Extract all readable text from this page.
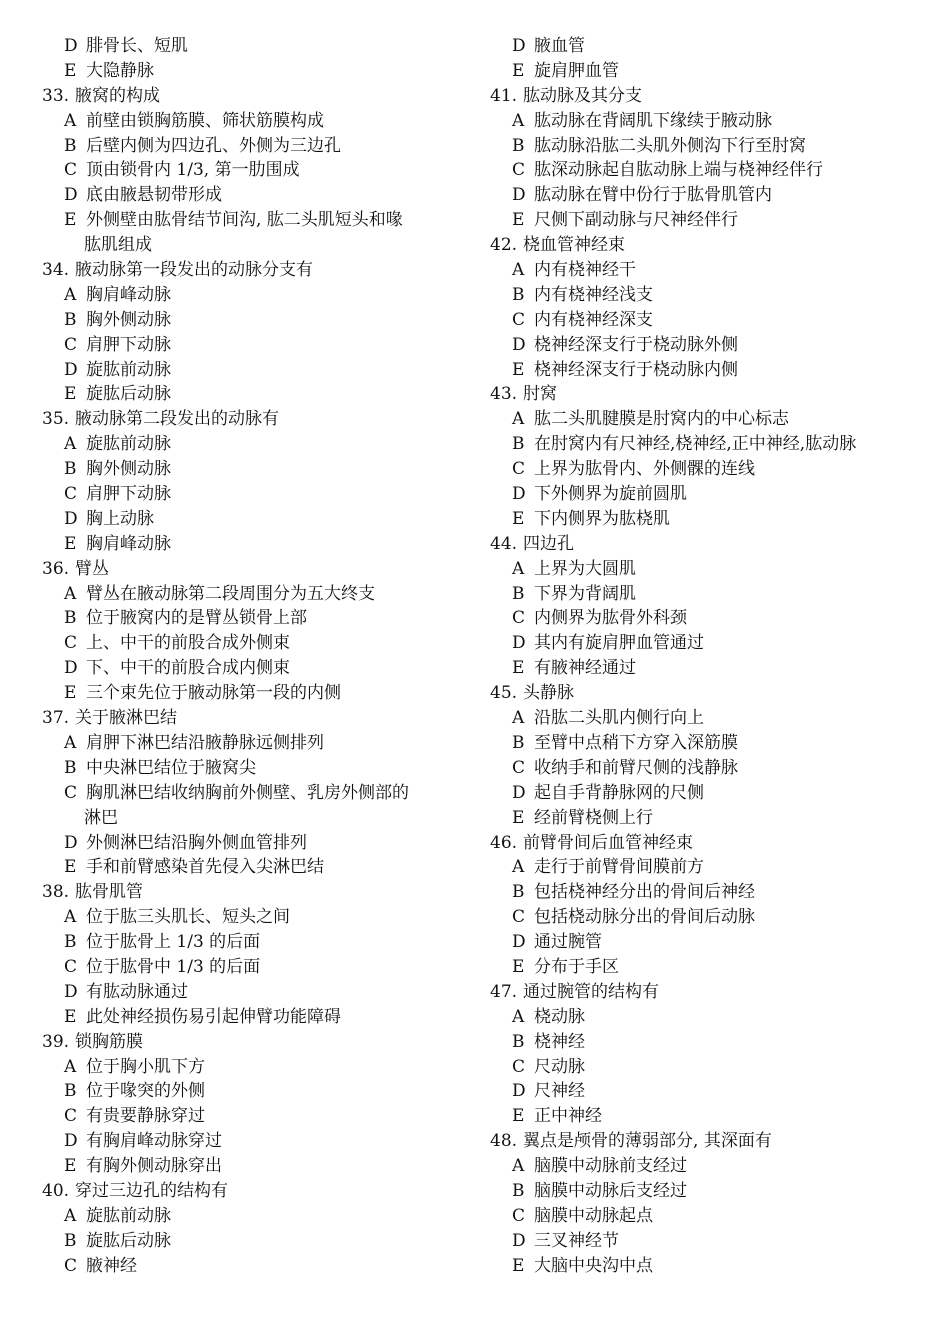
D 腓骨长、短肌
E 大隐静脉
33. 腋窝的构成
A 前壁由锁胸筋膜、筛状筋膜构成
B 后壁内侧为四边孔、外侧为三边孔
C 顶由锁骨内 1/3, 第一肋围成
D 底由腋悬韧带形成
E 外侧壁由肱骨结节间沟, 肱二头肌短头和喙
肱肌组成
34. 腋动脉第一段发出的动脉分支有
A 胸肩峰动脉
B 胸外侧动脉
C 肩胛下动脉
D 旋肱前动脉
E 旋肱后动脉
35. 腋动脉第二段发出的动脉有
A 旋肱前动脉
B 胸外侧动脉
C 肩胛下动脉
D 胸上动脉
E 胸肩峰动脉
36. 臂丛
A 臂丛在腋动脉第二段周围分为五大终支
B 位于腋窝内的是臂丛锁骨上部
C 上、中干的前股合成外侧束
D 下、中干的前股合成内侧束
E 三个束先位于腋动脉第一段的内侧
37. 关于腋淋巴结
A 肩胛下淋巴结沿腋静脉远侧排列
B 中央淋巴结位于腋窝尖
C 胸肌淋巴结收纳胸前外侧壁、乳房外侧部的
淋巴
D 外侧淋巴结沿胸外侧血管排列
E 手和前臂感染首先侵入尖淋巴结
38. 肱骨肌管
A 位于肱三头肌长、短头之间
B 位于肱骨上 1/3 的后面
C 位于肱骨中 1/3 的后面
D 有肱动脉通过
E 此处神经损伤易引起伸臂功能障碍
39. 锁胸筋膜
A 位于胸小肌下方
B 位于喙突的外侧
C 有贵要静脉穿过
D 有胸肩峰动脉穿过
E 有胸外侧动脉穿出
40. 穿过三边孔的结构有
A 旋肱前动脉
B 旋肱后动脉
C 腋神经
D 腋血管
E 旋肩胛血管
41. 肱动脉及其分支
A 肱动脉在背阔肌下缘续于腋动脉
B 肱动脉沿肱二头肌外侧沟下行至肘窝
C 肱深动脉起自肱动脉上端与桡神经伴行
D 肱动脉在臂中份行于肱骨肌管内
E 尺侧下副动脉与尺神经伴行
42. 桡血管神经束
A 内有桡神经干
B 内有桡神经浅支
C 内有桡神经深支
D 桡神经深支行于桡动脉外侧
E 桡神经深支行于桡动脉内侧
43. 肘窝
A 肱二头肌腱膜是肘窝内的中心标志
B 在肘窝内有尺神经,桡神经,正中神经,肱动脉
C 上界为肱骨内、外侧髁的连线
D 下外侧界为旋前圆肌
E 下内侧界为肱桡肌
44. 四边孔
A 上界为大圆肌
B 下界为背阔肌
C 内侧界为肱骨外科颈
D 其内有旋肩胛血管通过
E 有腋神经通过
45. 头静脉
A 沿肱二头肌内侧行向上
B 至臂中点稍下方穿入深筋膜
C 收纳手和前臂尺侧的浅静脉
D 起自手背静脉网的尺侧
E 经前臂桡侧上行
46. 前臂骨间后血管神经束
A 走行于前臂骨间膜前方
B 包括桡神经分出的骨间后神经
C 包括桡动脉分出的骨间后动脉
D 通过腕管
E 分布于手区
47. 通过腕管的结构有
A 桡动脉
B 桡神经
C 尺动脉
D 尺神经
E 正中神经
48. 翼点是颅骨的薄弱部分, 其深面有
A 脑膜中动脉前支经过
B 脑膜中动脉后支经过
C 脑膜中动脉起点
D 三叉神经节
E 大脑中央沟中点
